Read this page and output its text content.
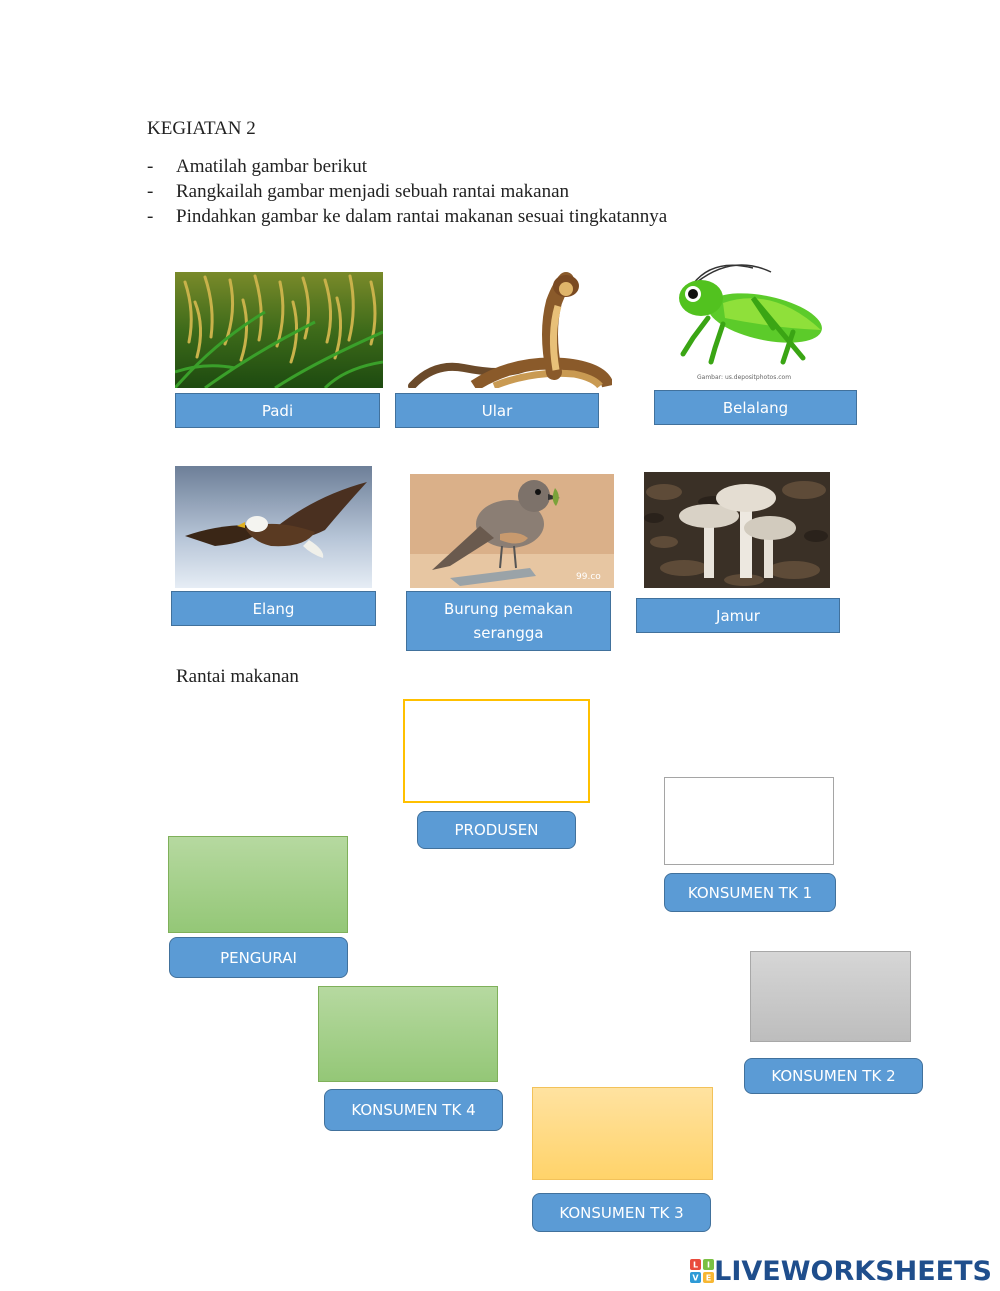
KEGIATAN 2
- Amatilah gambar berikut
- Rangkailah gambar menjadi sebuah rantai makanan
- Pindahkan gambar ke dalam rantai makanan sesuai tingkatannya
Padi	Ular
Gambar: us.depositphotos.com
Belalang
Elang
99.co
Burung pemakan serangga
Jamur
Rantai makanan
PRODUSEN
KONSUMEN TK 1
PENGURAI
KONSUMEN TK 2
KONSUMEN TK 4
KONSUMEN TK 3
L I
V E LIVEWORKSHEETS
